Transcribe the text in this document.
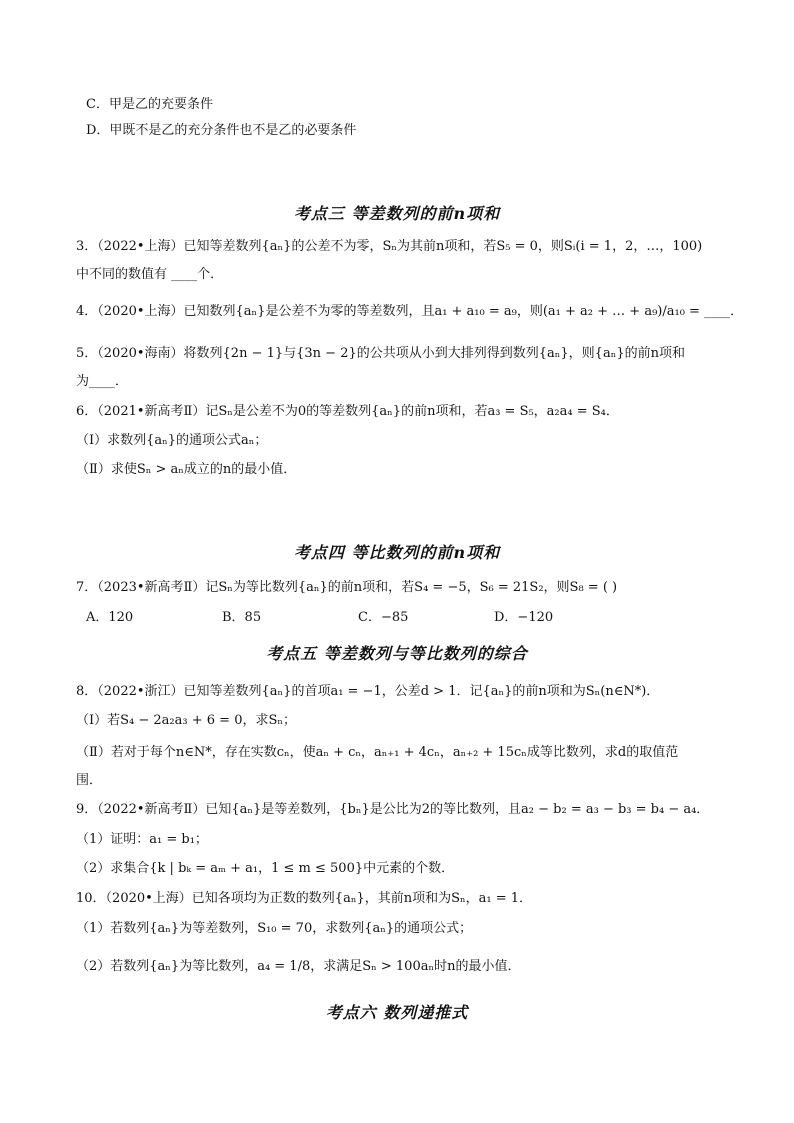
C．甲是乙的充要条件
D．甲既不是乙的充分条件也不是乙的必要条件
考点三 等差数列的前n项和
3．（2022•上海）已知等差数列{aₙ}的公差不为零，Sₙ为其前n项和，若S₅ = 0，则Sᵢ(i = 1，2，…，100)
中不同的数值有 ____个．
4．（2020•上海）已知数列{aₙ}是公差不为零的等差数列，且a₁ + a₁₀ = a₉，则(a₁ + a₂ + … + a₉)/a₁₀ = ____．
5．（2020•海南）将数列{2n − 1}与{3n − 2}的公共项从小到大排列得到数列{aₙ}，则{aₙ}的前n项和
为____．
6．（2021•新高考Ⅱ）记Sₙ是公差不为0的等差数列{aₙ}的前n项和，若a₃ = S₅，a₂a₄ = S₄．
（Ⅰ）求数列{aₙ}的通项公式aₙ；
（Ⅱ）求使Sₙ > aₙ成立的n的最小值．
考点四 等比数列的前n项和
7．（2023•新高考Ⅱ）记Sₙ为等比数列{aₙ}的前n项和，若S₄ = −5，S₆ = 21S₂，则S₈ = ( )
A．120	B．85	C．−85	D．−120
考点五 等差数列与等比数列的综合
8．（2022•浙江）已知等差数列{aₙ}的首项a₁ = −1，公差d > 1．记{aₙ}的前n项和为Sₙ(n∈N*)．
（Ⅰ）若S₄ − 2a₂a₃ + 6 = 0，求Sₙ；
（Ⅱ）若对于每个n∈N*，存在实数cₙ，使aₙ + cₙ，aₙ₊₁ + 4cₙ，aₙ₊₂ + 15cₙ成等比数列，求d的取值范
围．
9．（2022•新高考Ⅱ）已知{aₙ}是等差数列，{bₙ}是公比为2的等比数列，且a₂ − b₂ = a₃ − b₃ = b₄ − a₄．
（1）证明：a₁ = b₁；
（2）求集合{k | bₖ = aₘ + a₁，1 ≤ m ≤ 500}中元素的个数．
10．（2020•上海）已知各项均为正数的数列{aₙ}，其前n项和为Sₙ，a₁ = 1．
（1）若数列{aₙ}为等差数列，S₁₀ = 70，求数列{aₙ}的通项公式；
（2）若数列{aₙ}为等比数列，a₄ = 1/8，求满足Sₙ > 100aₙ时n的最小值．
考点六 数列递推式
